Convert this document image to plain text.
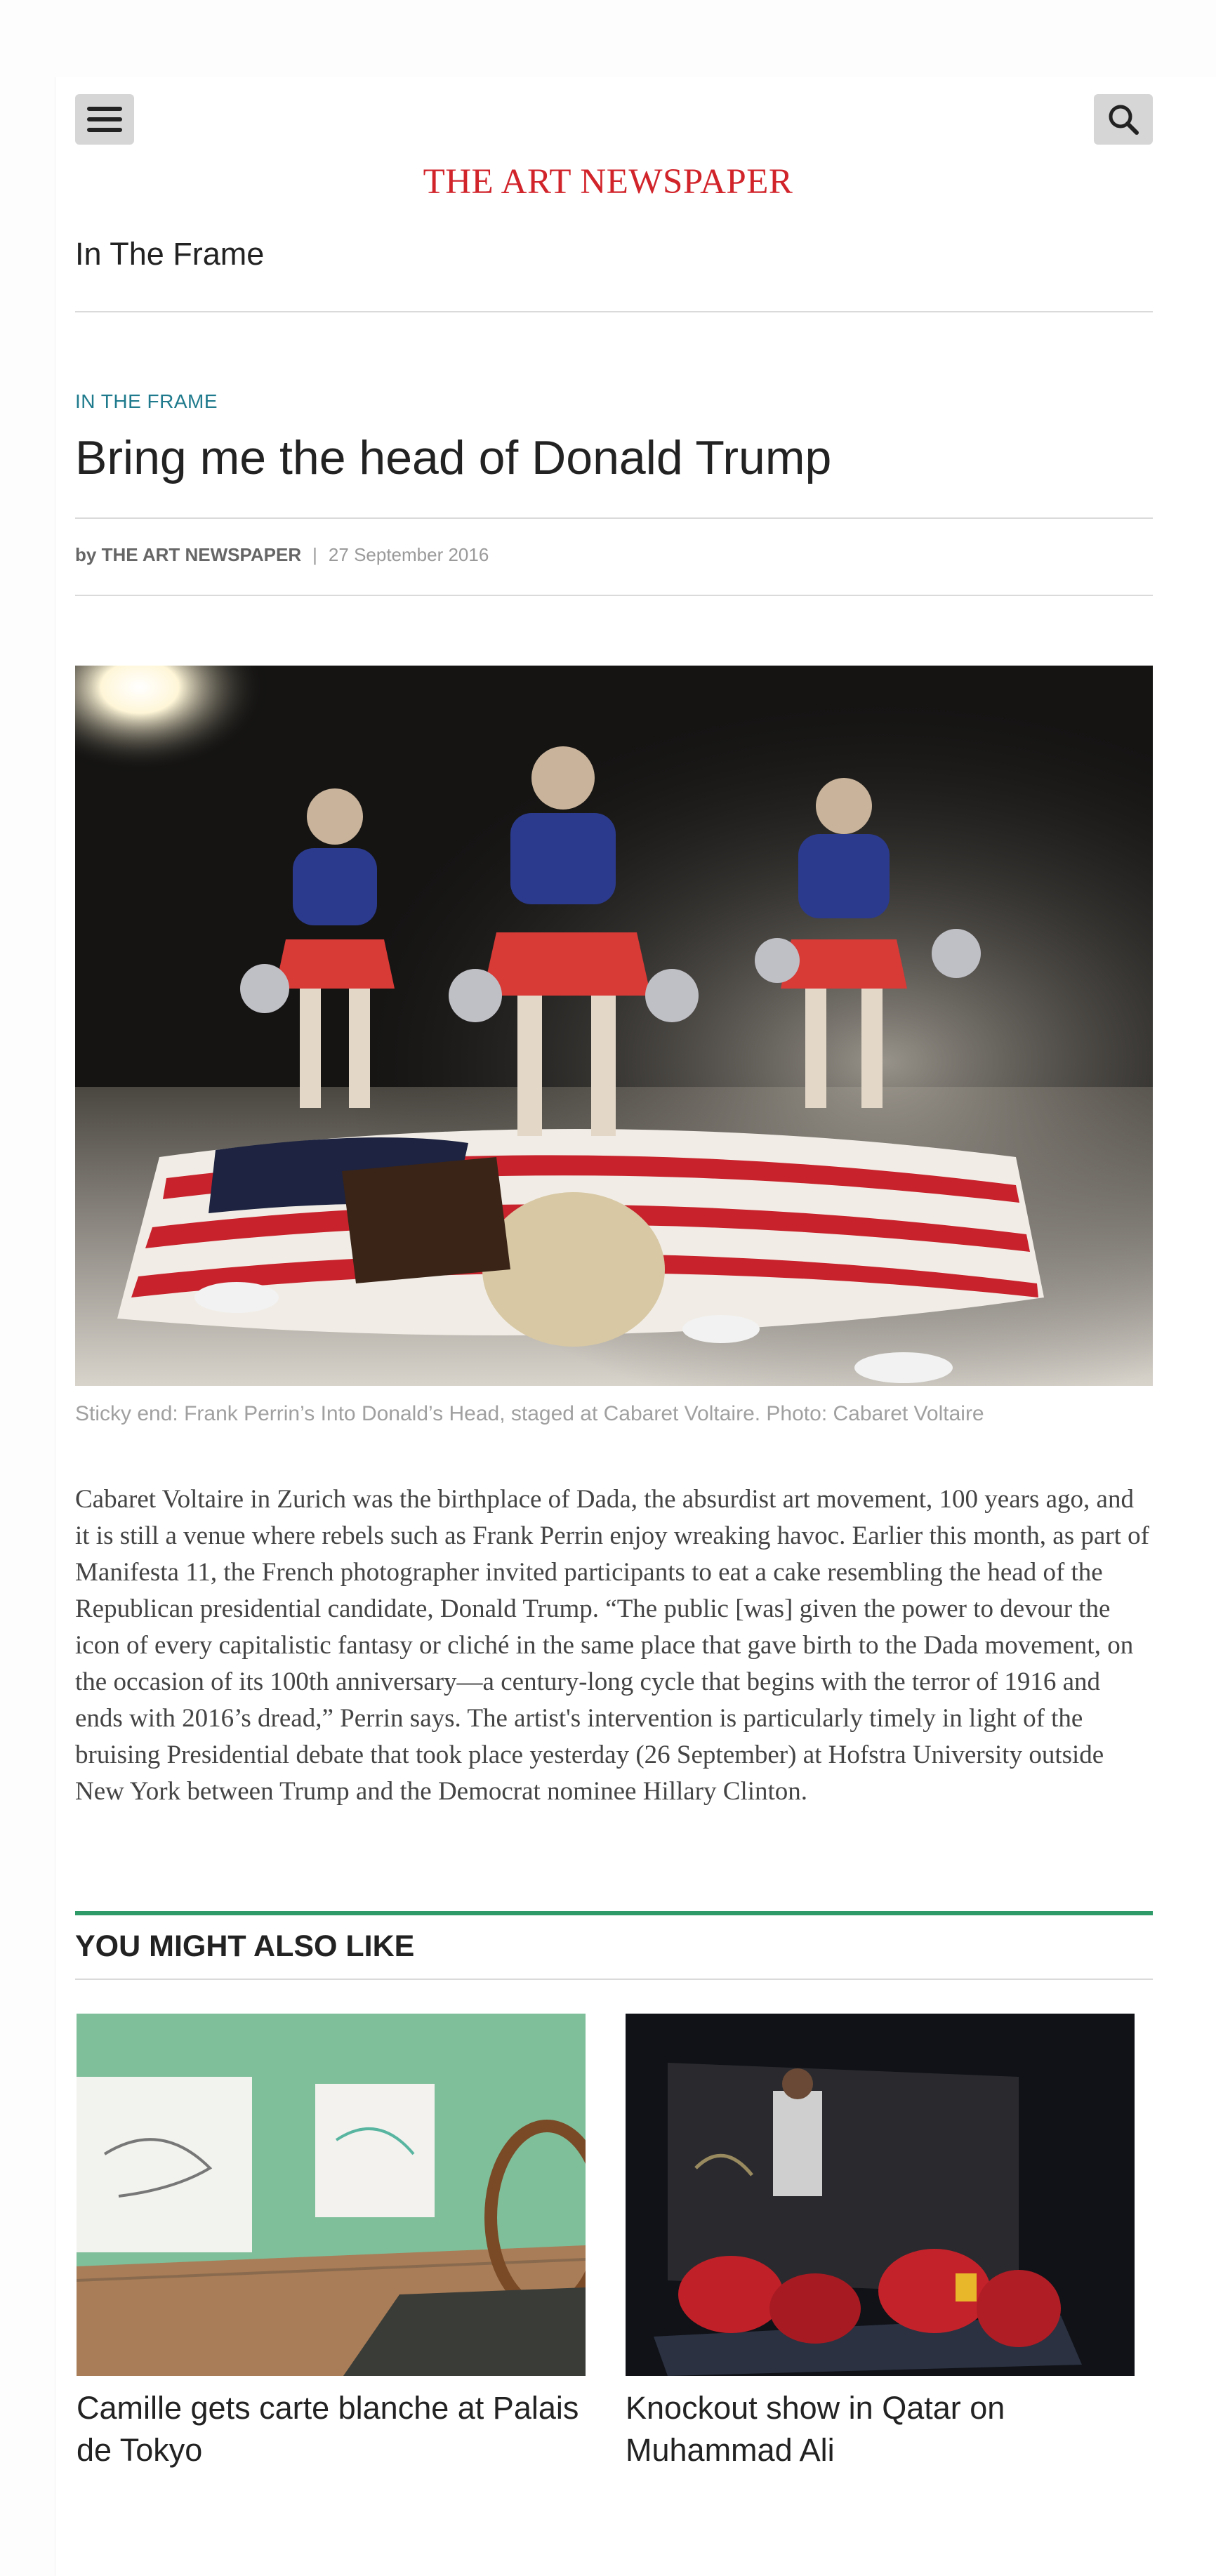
THE ART NEWSPAPER
In The Frame
IN THE FRAME
Bring me the head of Donald Trump
by THE ART NEWSPAPER | 27 September 2016
Sticky end: Frank Perrin’s Into Donald’s Head, staged at Cabaret Voltaire. Photo: Cabaret Voltaire
Cabaret Voltaire in Zurich was the birthplace of Dada, the absurdist art movement, 100 years ago, and it is still a venue where rebels such as Frank Perrin enjoy wreaking havoc. Earlier this month, as part of Manifesta 11, the French photographer invited participants to eat a cake resembling the head of the Republican presidential candidate, Donald Trump. “The public [was] given the power to devour the icon of every capitalistic fantasy or cliché in the same place that gave birth to the Dada movement, on the occasion of its 100th anniversary—a century-long cycle that begins with the terror of 1916 and ends with 2016’s dread,” Perrin says. The artist's intervention is particularly timely in light of the bruising Presidential debate that took place yesterday (26 September) at Hofstra University outside New York between Trump and the Democrat nominee Hillary Clinton.
YOU MIGHT ALSO LIKE
Camille gets carte blanche at Palais de Tokyo
Knockout show in Qatar on Muhammad Ali
